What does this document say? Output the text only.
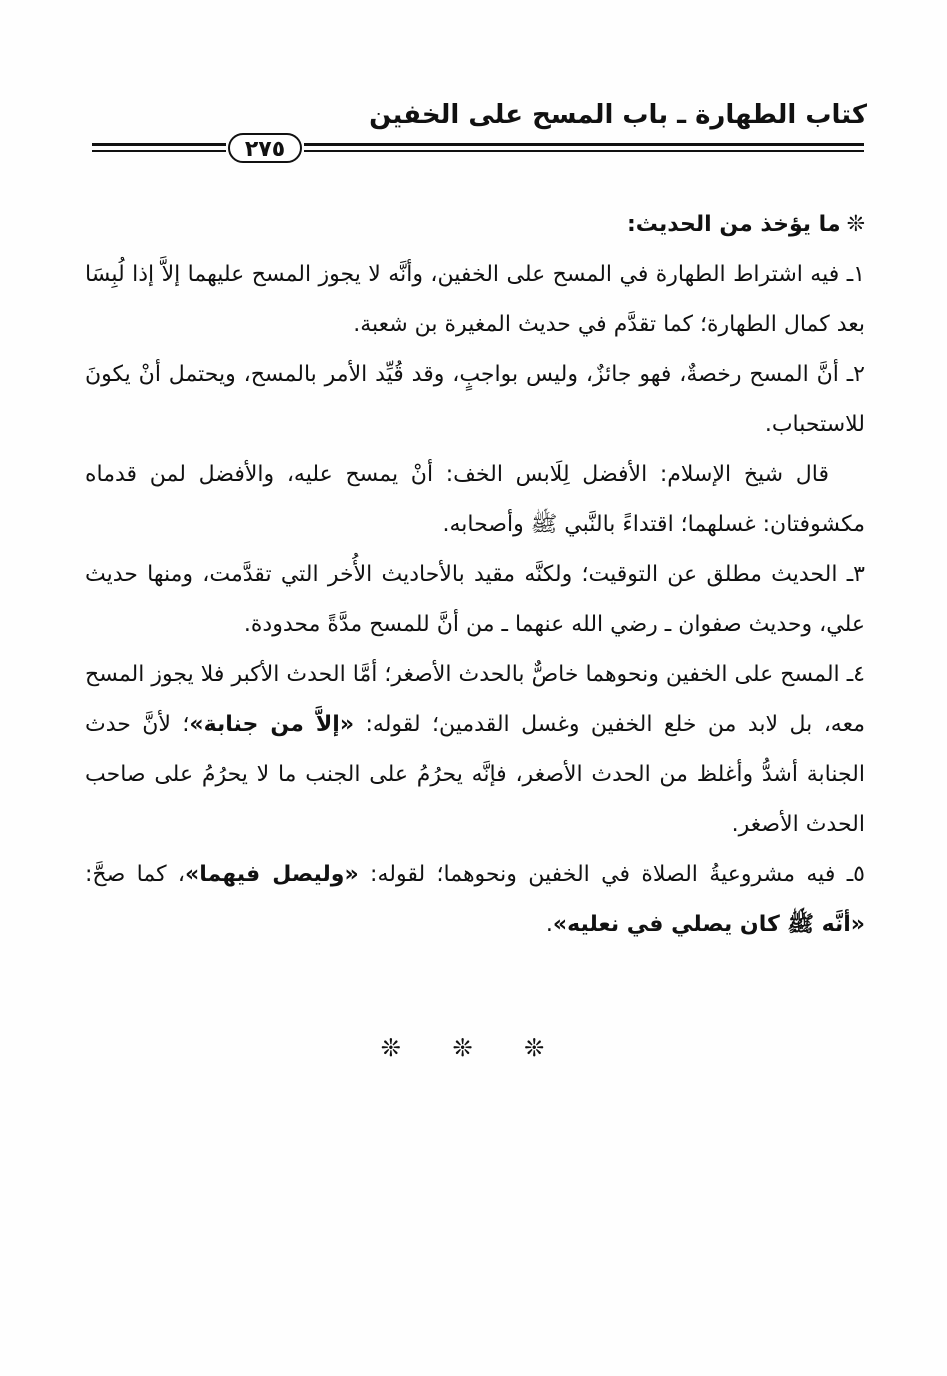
كتاب الطهارة ـ باب المسح على الخفين
٢٧٥

❊ما يؤخذ من الحديث:

١ـ فيه اشتراط الطهارة في المسح على الخفين، وأنَّه لا يجوز المسح عليهما إلاَّ إذا لُبِسَا بعد كمال الطهارة؛ كما تقدَّم في حديث المغيرة بن شعبة.

٢ـ أنَّ المسح رخصةٌ، فهو جائزٌ، وليس بواجبٍ، وقد قُيِّد الأمر بالمسح، ويحتمل أنْ يكونَ للاستحباب.

قال شيخ الإسلام: الأفضل لِلَابس الخف: أنْ يمسح عليه، والأفضل لمن قدماه مكشوفتان: غسلهما؛ اقتداءً بالنَّبي ﷺ وأصحابه.

٣ـ الحديث مطلق عن التوقيت؛ ولكنَّه مقيد بالأحاديث الأُخر التي تقدَّمت، ومنها حديث علي، وحديث صفوان ـ رضي الله عنهما ـ من أنَّ للمسح مدَّةً محدودة.

٤ـ المسح على الخفين ونحوهما خاصٌّ بالحدث الأصغر؛ أمَّا الحدث الأكبر فلا يجوز المسح معه، بل لابد من خلع الخفين وغسل القدمين؛ لقوله: «إلاَّ من جنابة»؛ لأنَّ حدث الجنابة أشدُّ وأغلظ من الحدث الأصغر، فإنَّه يحرُمُ على الجنب ما لا يحرُمُ على صاحب الحدث الأصغر.

٥ـ فيه مشروعيةُ الصلاة في الخفين ونحوهما؛ لقوله: «وليصل فيهما»، كما صحَّ: «أنَّه ﷺ كان يصلي في نعليه».

❊ ❊ ❊
